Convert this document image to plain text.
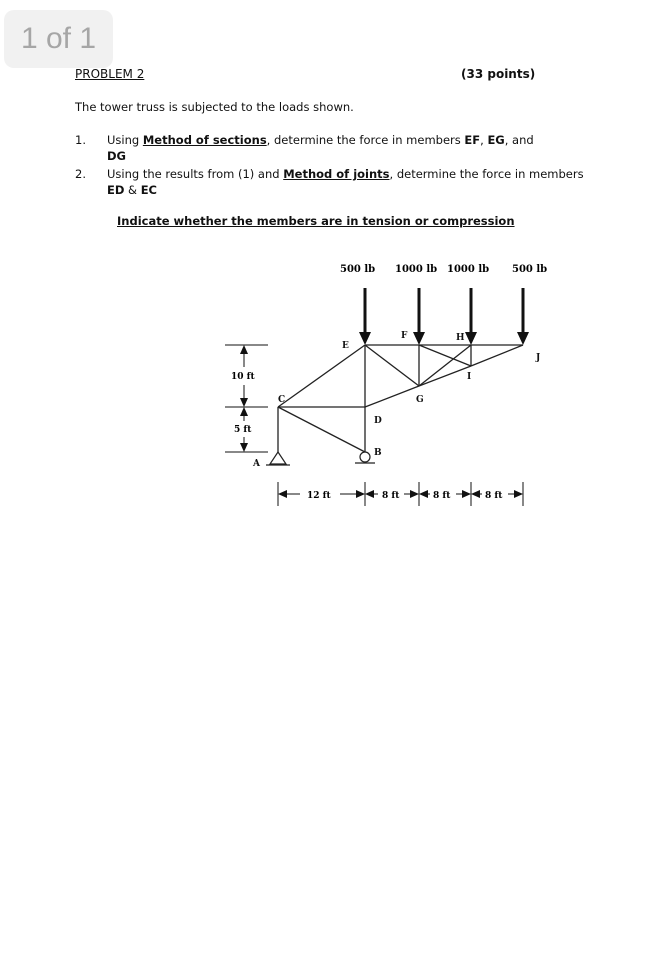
1 of 1
PROBLEM 2	(33 points)
The tower truss is subjected to the loads shown.
1. Using Method of sections, determine the force in members EF, EG, and
DG
2. Using the results from (1) and Method of joints, determine the force in members
ED & EC
Indicate whether the members are in tension or compression
500 lb 1000 lb 1000 lb 500 lb
A
B
C
D
E
F
G
H
I
J
10 ft
5 ft
12 ft	8 ft	8 ft	8 ft
